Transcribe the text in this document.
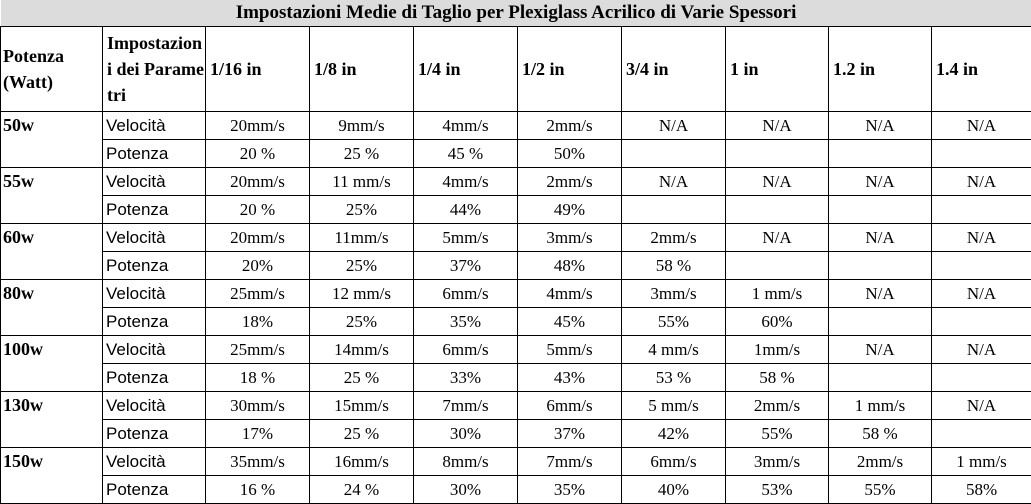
Impostazioni Medie di Taglio per Plexiglass Acrilico di Varie Spessori									
Potenza (Watt)	Impostazioni dei Parametri	1/16 in	1/8 in	1/4 in	1/2 in	3/4 in	1 in	1.2 in	1.4 in
50w	Velocità	20mm/s	9mm/s	4mm/s	2mm/s	N/A	N/A	N/A	N/A
	Potenza	20 %	25 %	45 %	50%				
55w	Velocità	20mm/s	11 mm/s	4mm/s	2mm/s	N/A	N/A	N/A	N/A
	Potenza	20 %	25%	44%	49%				
60w	Velocità	20mm/s	11mm/s	5mm/s	3mm/s	2mm/s	N/A	N/A	N/A
	Potenza	20%	25%	37%	48%	58 %			
80w	Velocità	25mm/s	12 mm/s	6mm/s	4mm/s	3mm/s	1 mm/s	N/A	N/A
	Potenza	18%	25%	35%	45%	55%	60%		
100w	Velocità	25mm/s	14mm/s	6mm/s	5mm/s	4 mm/s	1mm/s	N/A	N/A
	Potenza	18 %	25 %	33%	43%	53 %	58 %		
130w	Velocità	30mm/s	15mm/s	7mm/s	6mm/s	5 mm/s	2mm/s	1 mm/s	N/A
	Potenza	17%	25 %	30%	37%	42%	55%	58 %	
150w	Velocità	35mm/s	16mm/s	8mm/s	7mm/s	6mm/s	3mm/s	2mm/s	1 mm/s
	Potenza	16 %	24 %	30%	35%	40%	53%	55%	58%
